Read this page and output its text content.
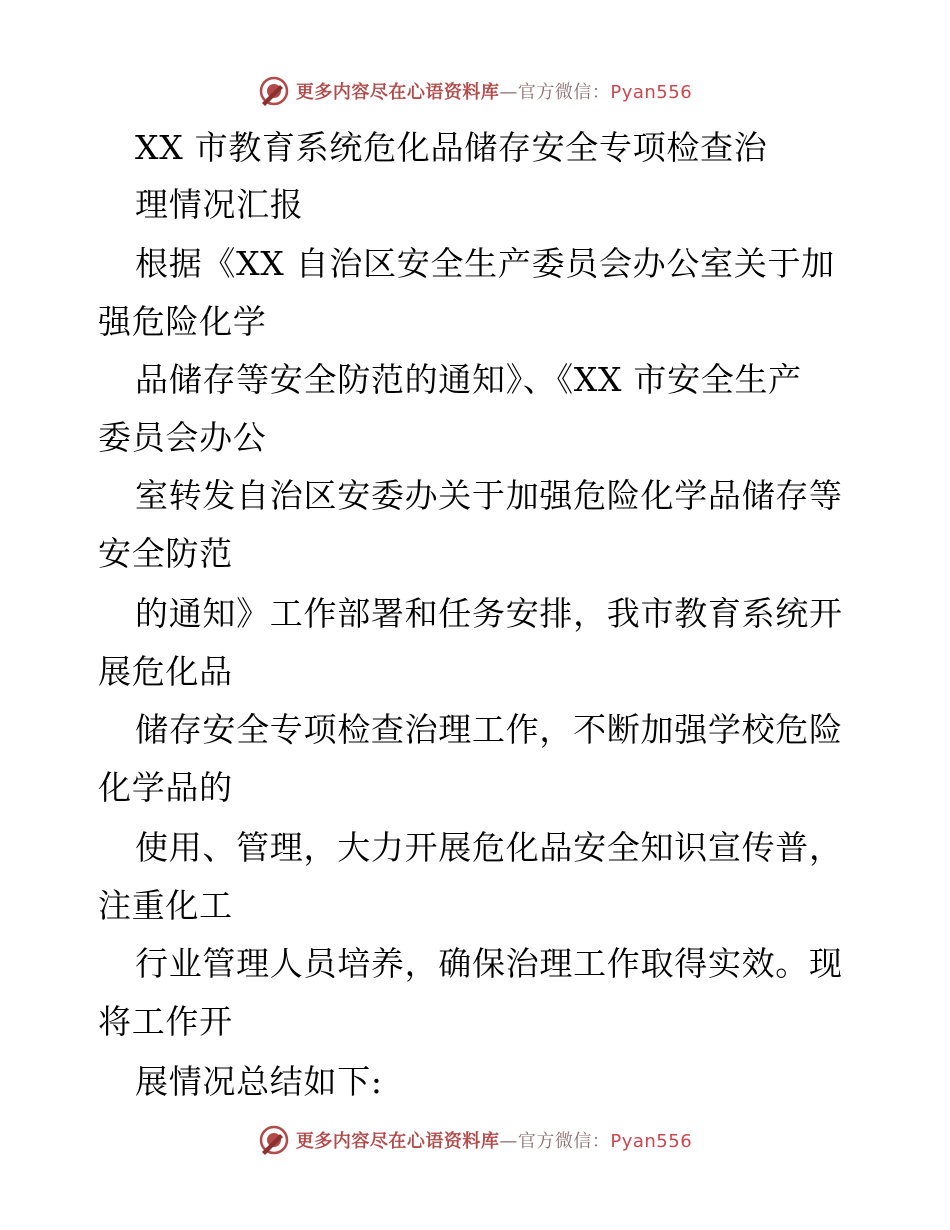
更多内容尽在心语资料库—官方微信：Pyan556
XX 市教育系统危化品储存安全专项检查治
理情况汇报
根据《XX 自治区安全生产委员会办公室关于加
强危险化学
品储存等安全防范的通知》、《XX 市安全生产
委员会办公
室转发自治区安委办关于加强危险化学品储存等
安全防范
的通知》工作部署和任务安排，我市教育系统开
展危化品
储存安全专项检查治理工作，不断加强学校危险
化学品的
使用、管理，大力开展危化品安全知识宣传普，
注重化工
行业管理人员培养，确保治理工作取得实效。现
将工作开
展情况总结如下:
更多内容尽在心语资料库—官方微信：Pyan556
